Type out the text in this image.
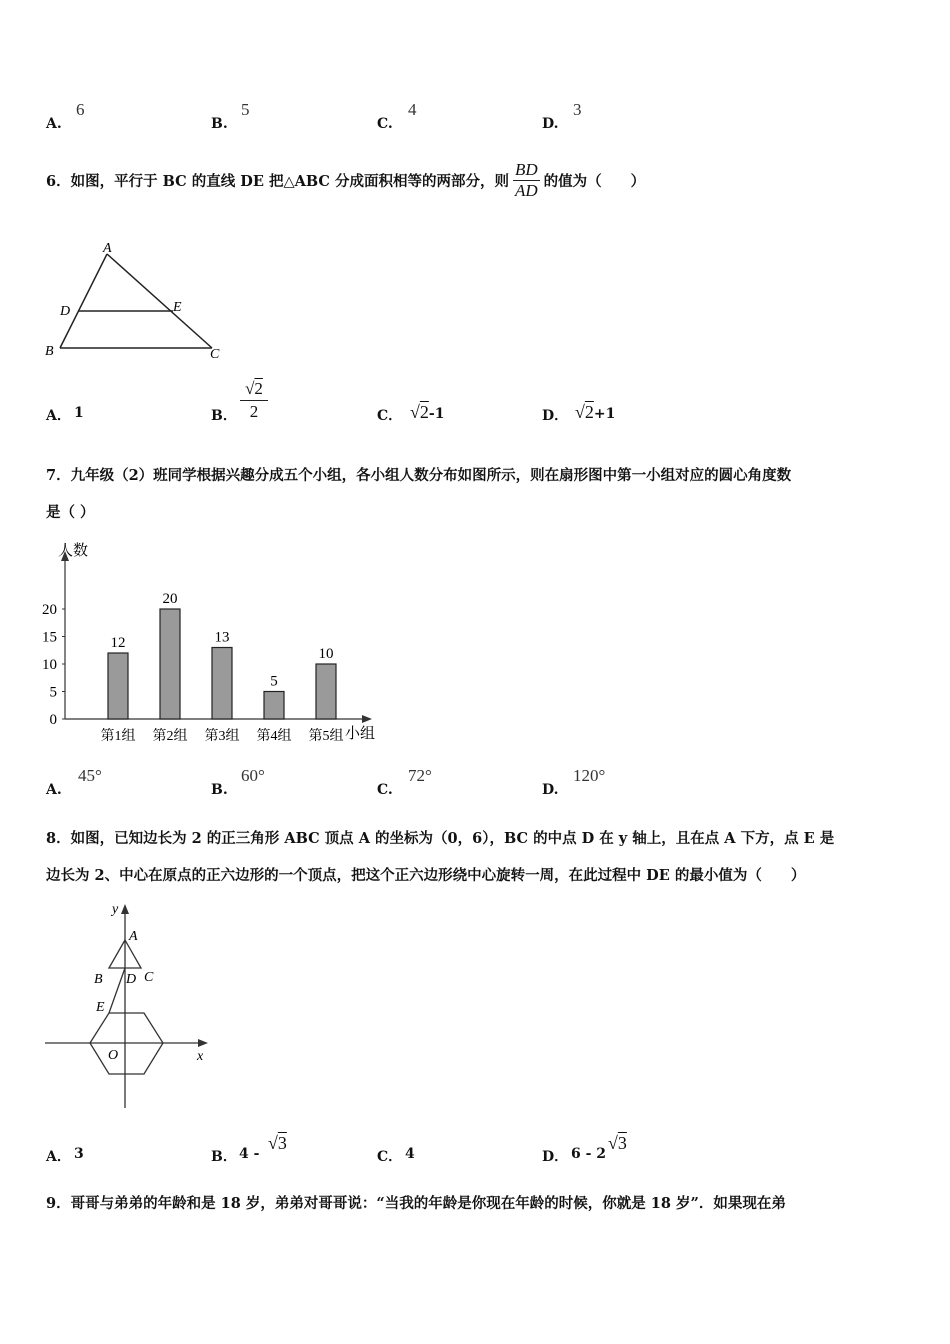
A.
6
B.
5
C.
4
D.
3
6．如图，平行于 BC 的直线 DE 把△ABC 分成面积相等的两部分，则 $\frac{BD}{AD}$ 的值为（　　）
A
D	E
B	C
A． 1	B．
√2
2	C． √2-1	D． √2+1
7．九年级（2）班同学根据兴趣分成五个小组，各小组人数分布如图所示，则在扇形图中第一小组对应的圆心角度数
是（ ）
人数
小组
0
5
10
15
20
12
第1组
20
第2组
13
第3组
5
第4组
10
第5组
A.
45°
B.
60°
C.
72°
D.
120°
8．如图，已知边长为 2 的正三角形 ABC 顶点 A 的坐标为（0，6），BC 的中点 D 在 y 轴上，且在点 A 下方，点 E 是
边长为 2、中心在原点的正六边形的一个顶点，把这个正六边形绕中心旋转一周，在此过程中 DE 的最小值为（　　）
y
x
A
B D C
E
O
A． 3	B． 4 -
√3
C． 4	D． 6 - 2
√3
9．哥哥与弟弟的年龄和是 18 岁，弟弟对哥哥说：“当我的年龄是你现在年龄的时候，你就是 18 岁”．如果现在弟
